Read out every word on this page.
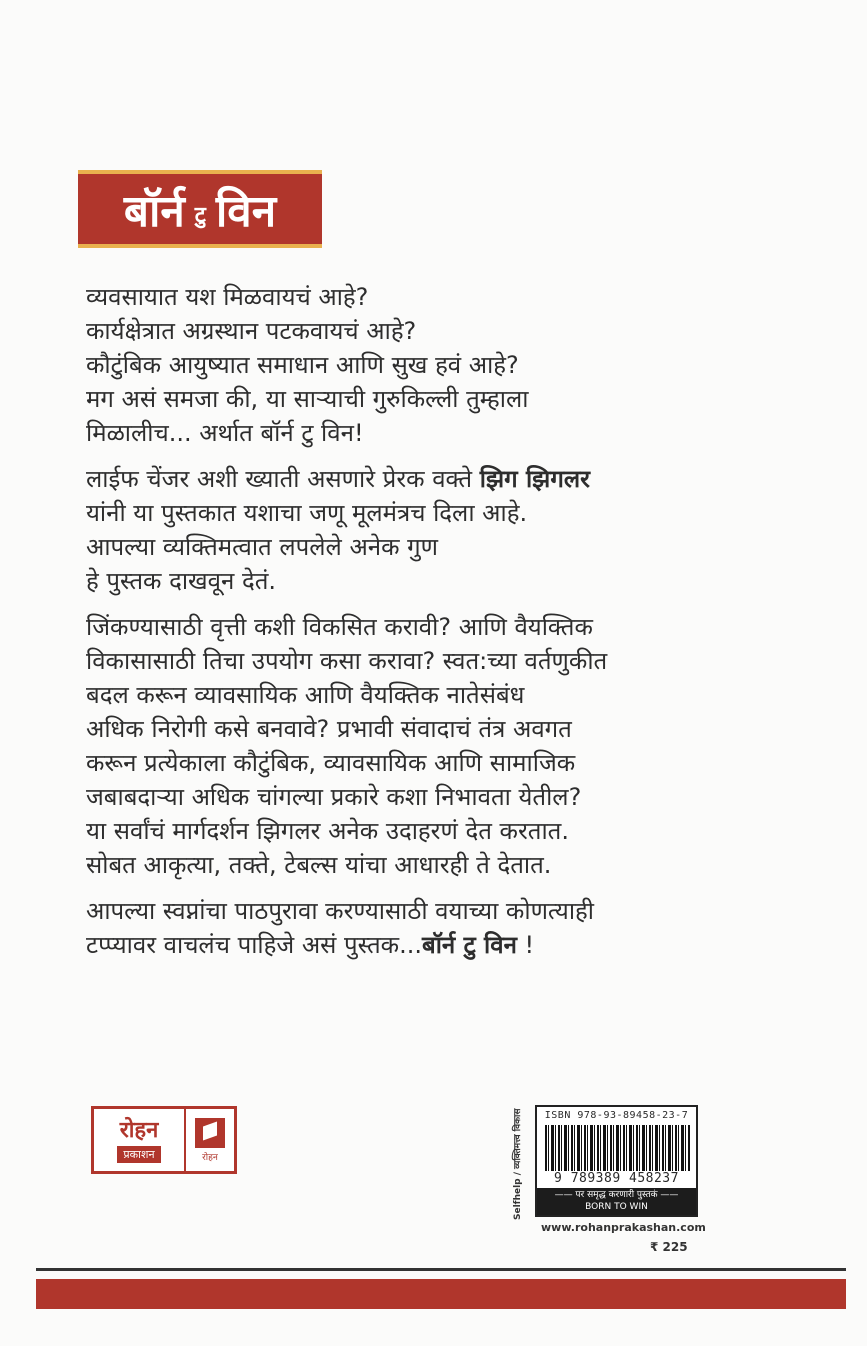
बॉर्न टु विन

व्यवसायात यश मिळवायचं आहे?
कार्यक्षेत्रात अग्रस्थान पटकवायचं आहे?
कौटुंबिक आयुष्यात समाधान आणि सुख हवं आहे?
मग असं समजा की, या साऱ्याची गुरुकिल्ली तुम्हाला
मिळालीच... अर्थात बॉर्न टु विन!

लाईफ चेंजर अशी ख्याती असणारे प्रेरक वक्ते झिग झिगलर
यांनी या पुस्तकात यशाचा जणू मूलमंत्रच दिला आहे.
आपल्या व्यक्तिमत्वात लपलेले अनेक गुण
हे पुस्तक दाखवून देतं.

जिंकण्यासाठी वृत्ती कशी विकसित करावी? आणि वैयक्तिक
विकासासाठी तिचा उपयोग कसा करावा? स्वत:च्या वर्तणुकीत
बदल करून व्यावसायिक आणि वैयक्तिक नातेसंबंध
अधिक निरोगी कसे बनवावे? प्रभावी संवादाचं तंत्र अवगत
करून प्रत्येकाला कौटुंबिक, व्यावसायिक आणि सामाजिक
जबाबदाऱ्या अधिक चांगल्या प्रकारे कशा निभावता येतील?
या सर्वांचं मार्गदर्शन झिगलर अनेक उदाहरणं देत करतात.
सोबत आकृत्या, तक्ते, टेबल्स यांचा आधारही ते देतात.

आपल्या स्वप्नांचा पाठपुरावा करण्यासाठी वयाच्या कोणत्याही
टप्प्यावर वाचलंच पाहिजे असं पुस्तक...बॉर्न टु विन !

रोहन
प्रकाशन	रोहन	Selfhelp / व्यक्तिमत्त्व विकास	ISBN 978-93-89458-23-7
9 789389 458237
—— पर समृद्ध करणारी पुस्तकं ——
BORN TO WIN
www.rohanprakashan.com
₹ 225
